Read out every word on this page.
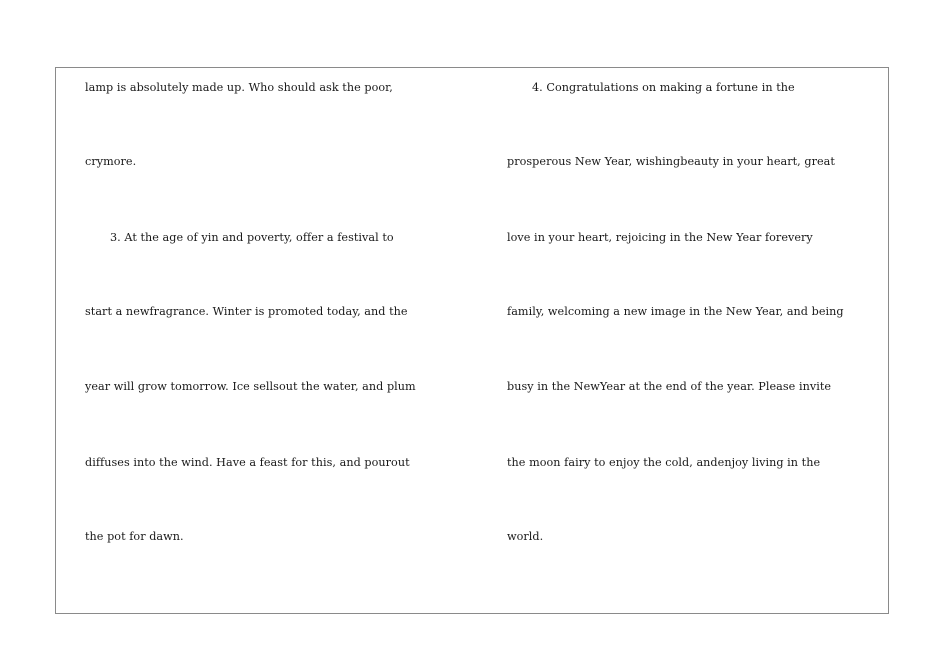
lamp is absolutely made up. Who should ask the poor,
crymore.
3. At the age of yin and poverty, offer a festival to
start a newfragrance. Winter is promoted today, and the
year will grow tomorrow. Ice sellsout the water, and plum
diffuses into the wind. Have a feast for this, and pourout
the pot for dawn.
4. Congratulations on making a fortune in the
prosperous New Year, wishingbeauty in your heart, great
love in your heart, rejoicing in the New Year forevery
family, welcoming a new image in the New Year, and being
busy in the NewYear at the end of the year. Please invite
the moon fairy to enjoy the cold, andenjoy living in the
world.
